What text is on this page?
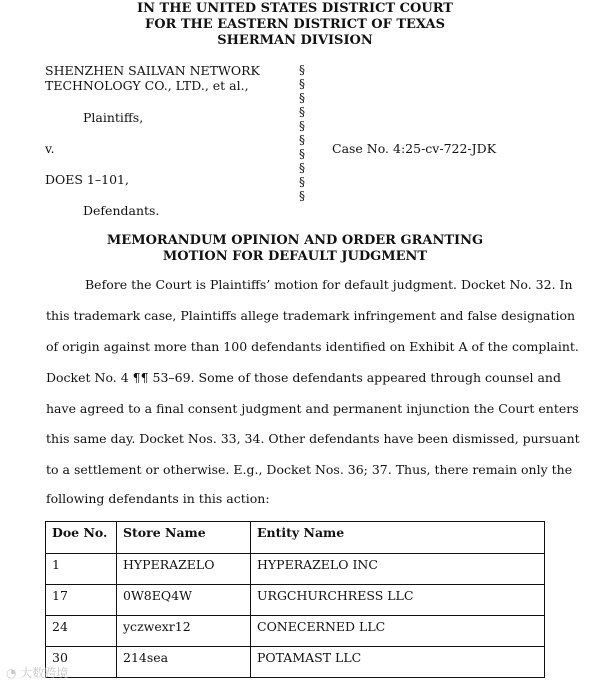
IN THE UNITED STATES DISTRICT COURT
FOR THE EASTERN DISTRICT OF TEXAS
SHERMAN DIVISION
SHENZHEN SAILVAN NETWORK
TECHNOLOGY CO., LTD., et al.,
Plaintiffs,
v.
DOES 1–101,
Defendants.
§
§
§
§
§
§
§
§
§
§
Case No. 4:25-cv-722-JDK
MEMORANDUM OPINION AND ORDER GRANTING
MOTION FOR DEFAULT JUDGMENT
Before the Court is Plaintiffs’ motion for default judgment. Docket No. 32. In
this trademark case, Plaintiffs allege trademark infringement and false designation
of origin against more than 100 defendants identified on Exhibit A of the complaint.
Docket No. 4 ¶¶ 53–69. Some of those defendants appeared through counsel and
have agreed to a final consent judgment and permanent injunction the Court enters
this same day. Docket Nos. 33, 34. Other defendants have been dismissed, pursuant
to a settlement or otherwise. E.g., Docket Nos. 36; 37. Thus, there remain only the
following defendants in this action:
Doe No.	Store Name	Entity Name
1	HYPERAZELO	HYPERAZELO INC
17	0W8EQ4W	URGCHURCHRESS LLC
24	yczwexr12	CONECERNED LLC
30	214sea	POTAMAST LLC
◔ 大数跨境
